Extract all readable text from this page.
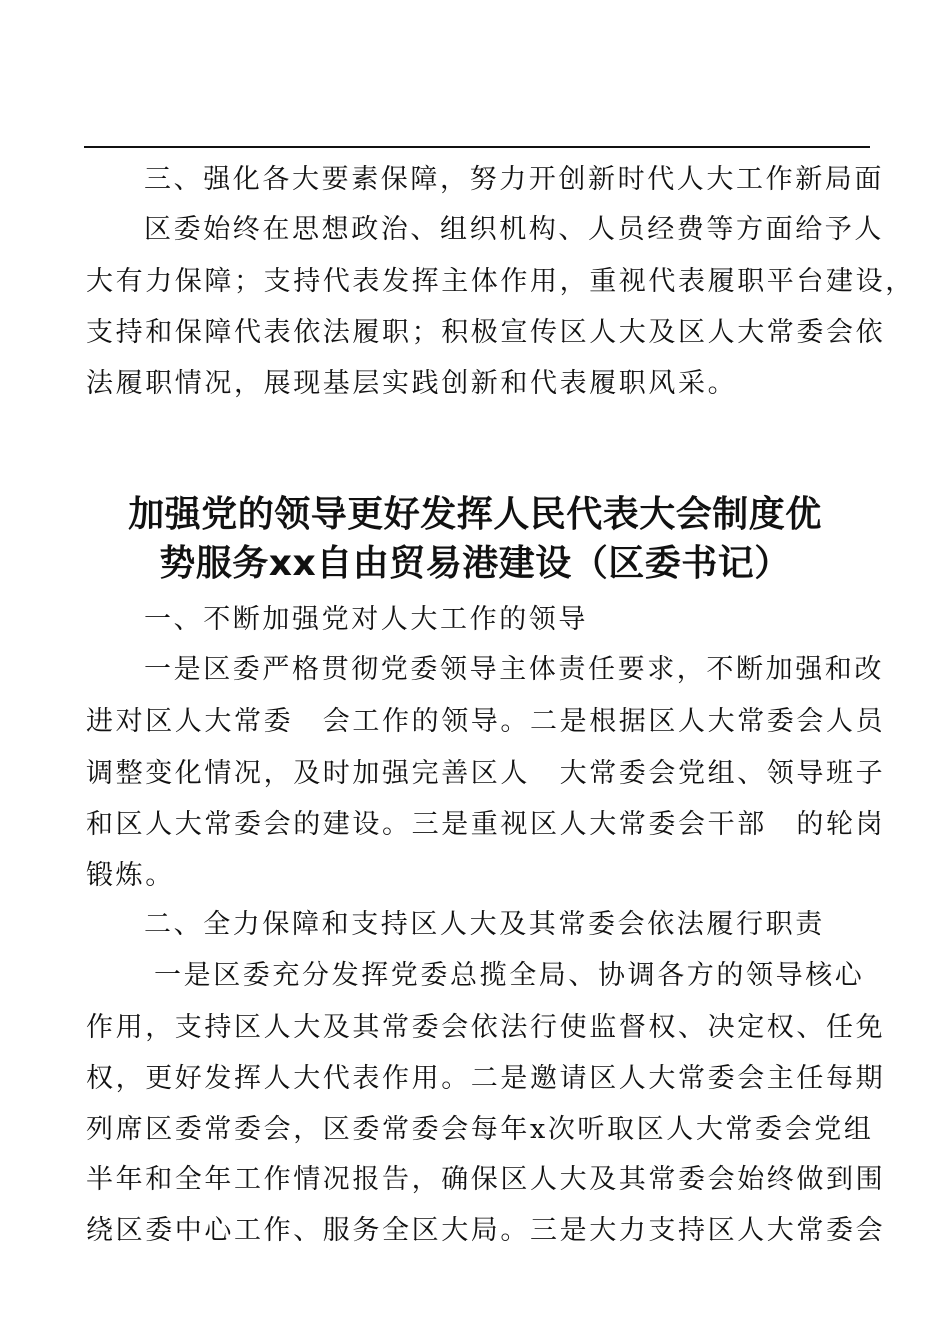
三、强化各大要素保障，努力开创新时代人大工作新局面
区委始终在思想政治、组织机构、人员经费等方面给予人
大有力保障；支持代表发挥主体作用，重视代表履职平台建设，
支持和保障代表依法履职；积极宣传区人大及区人大常委会依
法履职情况，展现基层实践创新和代表履职风采。
加强党的领导更好发挥人民代表大会制度优
势服务xx自由贸易港建设（区委书记）
一、不断加强党对人大工作的领导
一是区委严格贯彻党委领导主体责任要求，不断加强和改
进对区人大常委　会工作的领导。二是根据区人大常委会人员
调整变化情况，及时加强完善区人　大常委会党组、领导班子
和区人大常委会的建设。三是重视区人大常委会干部　的轮岗
锻炼。
二、全力保障和支持区人大及其常委会依法履行职责
一是区委充分发挥党委总揽全局、协调各方的领导核心
作用，支持区人大及其常委会依法行使监督权、决定权、任免
权，更好发挥人大代表作用。二是邀请区人大常委会主任每期
列席区委常委会，区委常委会每年x次听取区人大常委会党组
半年和全年工作情况报告，确保区人大及其常委会始终做到围
绕区委中心工作、服务全区大局。三是大力支持区人大常委会
